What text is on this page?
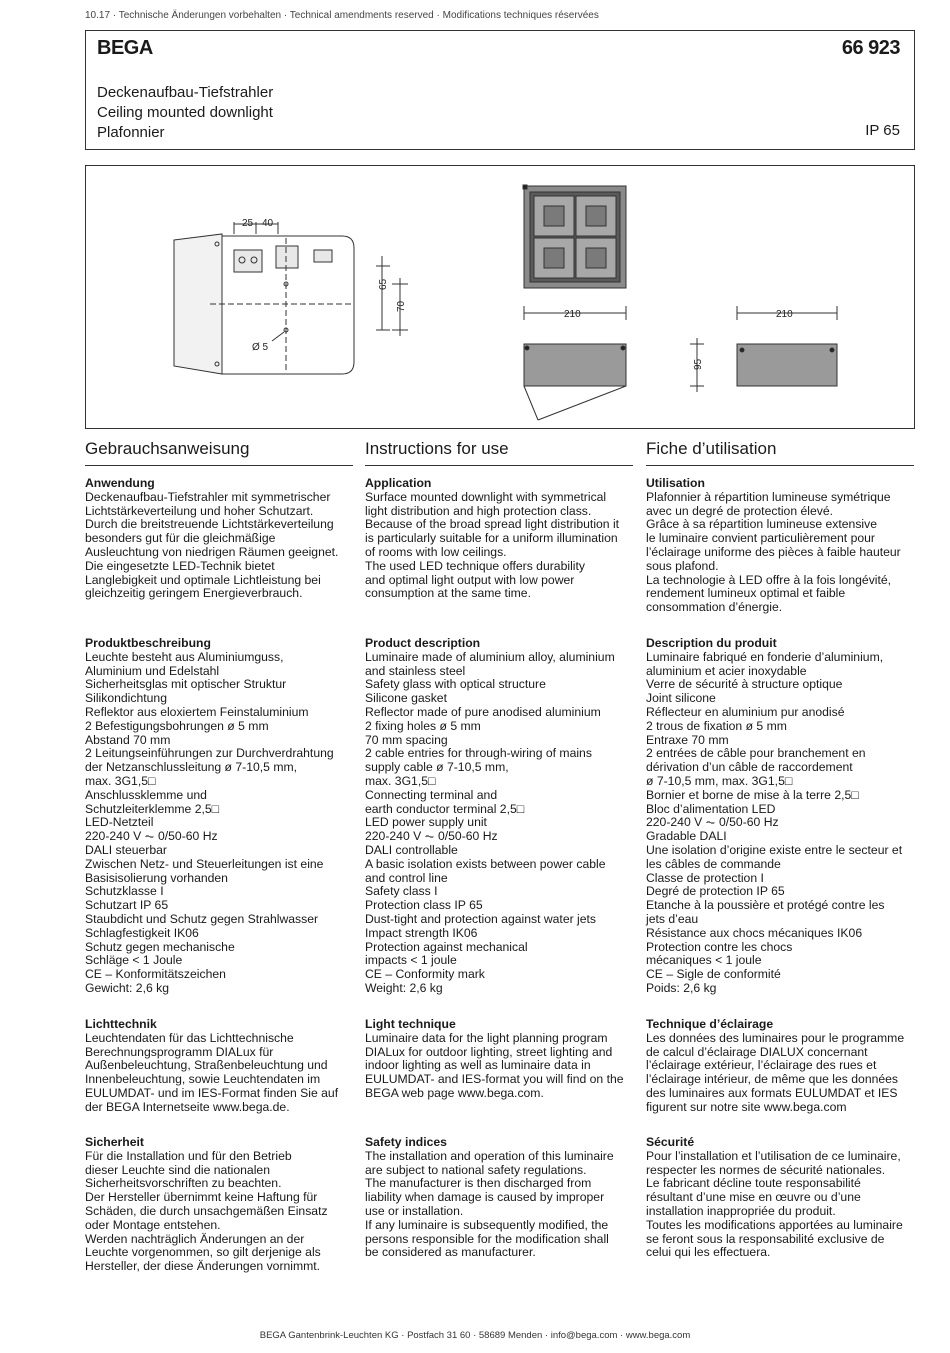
10.17 · Technische Änderungen vorbehalten · Technical amendments reserved · Modifications techniques réservées
BEGA	66 923
Deckenaufbau-Tiefstrahler
Ceiling mounted downlight
Plafonnier	IP 65
25 40
65
70
Ø 5
210	210
95
Gebrauchsanweisung
Anwendung

Deckenaufbau-Tiefstrahler mit symmetrischer
Lichtstärkeverteilung und hoher Schutzart.
Durch die breitstreuende Lichtstärkeverteilung
besonders gut für die gleichmäßige
Ausleuchtung von niedrigen Räumen geeignet.
Die eingesetzte LED-Technik bietet
Langlebigkeit und optimale Lichtleistung bei
gleichzeitig geringem Energieverbrauch.

Produktbeschreibung

Leuchte besteht aus Aluminiumguss,
Aluminium und Edelstahl
Sicherheitsglas mit optischer Struktur
Silikondichtung
Reflektor aus eloxiertem Feinstaluminium
2 Befestigungsbohrungen ø 5 mm
Abstand 70 mm
2 Leitungseinführungen zur Durchverdrahtung
der Netzanschlussleitung ø 7-10,5 mm,
max. 3G1,5□
Anschlussklemme und
Schutzleiterklemme 2,5□
LED-Netzteil
220-240 V ⏦ 0/50-60 Hz
DALI steuerbar
Zwischen Netz- und Steuerleitungen ist eine
Basisisolierung vorhanden
Schutzklasse I
Schutzart IP 65
Staubdicht und Schutz gegen Strahlwasser
Schlagfestigkeit IK06
Schutz gegen mechanische
Schläge < 1 Joule
CE – Konformitätszeichen
Gewicht: 2,6 kg

Lichttechnik

Leuchtendaten für das Lichttechnische
Berechnungsprogramm DIALux für
Außenbeleuchtung, Straßenbeleuchtung und
Innenbeleuchtung, sowie Leuchtendaten im
EULUMDAT- und im IES-Format finden Sie auf
der BEGA Internetseite www.bega.de.

Sicherheit

Für die Installation und für den Betrieb
dieser Leuchte sind die nationalen
Sicherheitsvorschriften zu beachten.
Der Hersteller übernimmt keine Haftung für
Schäden, die durch unsachgemäßen Einsatz
oder Montage entstehen.
Werden nachträglich Änderungen an der
Leuchte vorgenommen, so gilt derjenige als
Hersteller, der diese Änderungen vornimmt.

Instructions for use
Application

Surface mounted downlight with symmetrical
light distribution and high protection class.
Because of the broad spread light distribution it
is particularly suitable for a uniform illumination
of rooms with low ceilings.
The used LED technique offers durability
and optimal light output with low power
consumption at the same time.

Product description

Luminaire made of aluminium alloy, aluminium
and stainless steel
Safety glass with optical structure
Silicone gasket
Reflector made of pure anodised aluminium
2 fixing holes ø 5 mm
70 mm spacing
2 cable entries for through-wiring of mains
supply cable ø 7-10,5 mm,
max. 3G1,5□
Connecting terminal and
earth conductor terminal 2,5□
LED power supply unit
220-240 V ⏦ 0/50-60 Hz
DALI controllable
A basic isolation exists between power cable
and control line
Safety class I
Protection class IP 65
Dust-tight and protection against water jets
Impact strength IK06
Protection against mechanical
impacts < 1 joule
CE – Conformity mark
Weight: 2,6 kg

Light technique

Luminaire data for the light planning program
DIALux for outdoor lighting, street lighting and
indoor lighting as well as luminaire data in
EULUMDAT- and IES-format you will find on the
BEGA web page www.bega.com.

Safety indices

The installation and operation of this luminaire
are subject to national safety regulations.
The manufacturer is then discharged from
liability when damage is caused by improper
use or installation.
If any luminaire is subsequently modified, the
persons responsible for the modification shall
be considered as manufacturer.

Fiche d’utilisation
Utilisation

Plafonnier à répartition lumineuse symétrique
avec un degré de protection élevé.
Grâce à sa répartition lumineuse extensive
le luminaire convient particulièrement pour
l’éclairage uniforme des pièces à faible hauteur
sous plafond.
La technologie à LED offre à la fois longévité,
rendement lumineux optimal et faible
consommation d’énergie.

Description du produit

Luminaire fabriqué en fonderie d’aluminium,
aluminium et acier inoxydable
Verre de sécurité à structure optique
Joint silicone
Réflecteur en aluminium pur anodisé
2 trous de fixation ø 5 mm
Entraxe 70 mm
2 entrées de câble pour branchement en
dérivation d’un câble de raccordement
ø 7-10,5 mm, max. 3G1,5□
Bornier et borne de mise à la terre 2,5□
Bloc d’alimentation LED
220-240 V ⏦ 0/50-60 Hz
Gradable DALI
Une isolation d’origine existe entre le secteur et
les câbles de commande
Classe de protection I
Degré de protection IP 65
Etanche à la poussière et protégé contre les
jets d’eau
Résistance aux chocs mécaniques IK06
Protection contre les chocs
mécaniques < 1 joule
CE – Sigle de conformité
Poids: 2,6 kg

Technique d’éclairage

Les données des luminaires pour le programme
de calcul d’éclairage DIALUX concernant
l’éclairage extérieur, l’éclairage des rues et
l’éclairage intérieur, de même que les données
des luminaires aux formats EULUMDAT et IES
figurent sur notre site www.bega.com

Sécurité

Pour l’installation et l’utilisation de ce luminaire,
respecter les normes de sécurité nationales.
Le fabricant décline toute responsabilité
résultant d’une mise en œuvre ou d’une
installation inappropriée du produit.
Toutes les modifications apportées au luminaire
se feront sous la responsabilité exclusive de
celui qui les effectuera.

BEGA Gantenbrink-Leuchten KG · Postfach 31 60 · 58689 Menden · info@bega.com · www.bega.com
